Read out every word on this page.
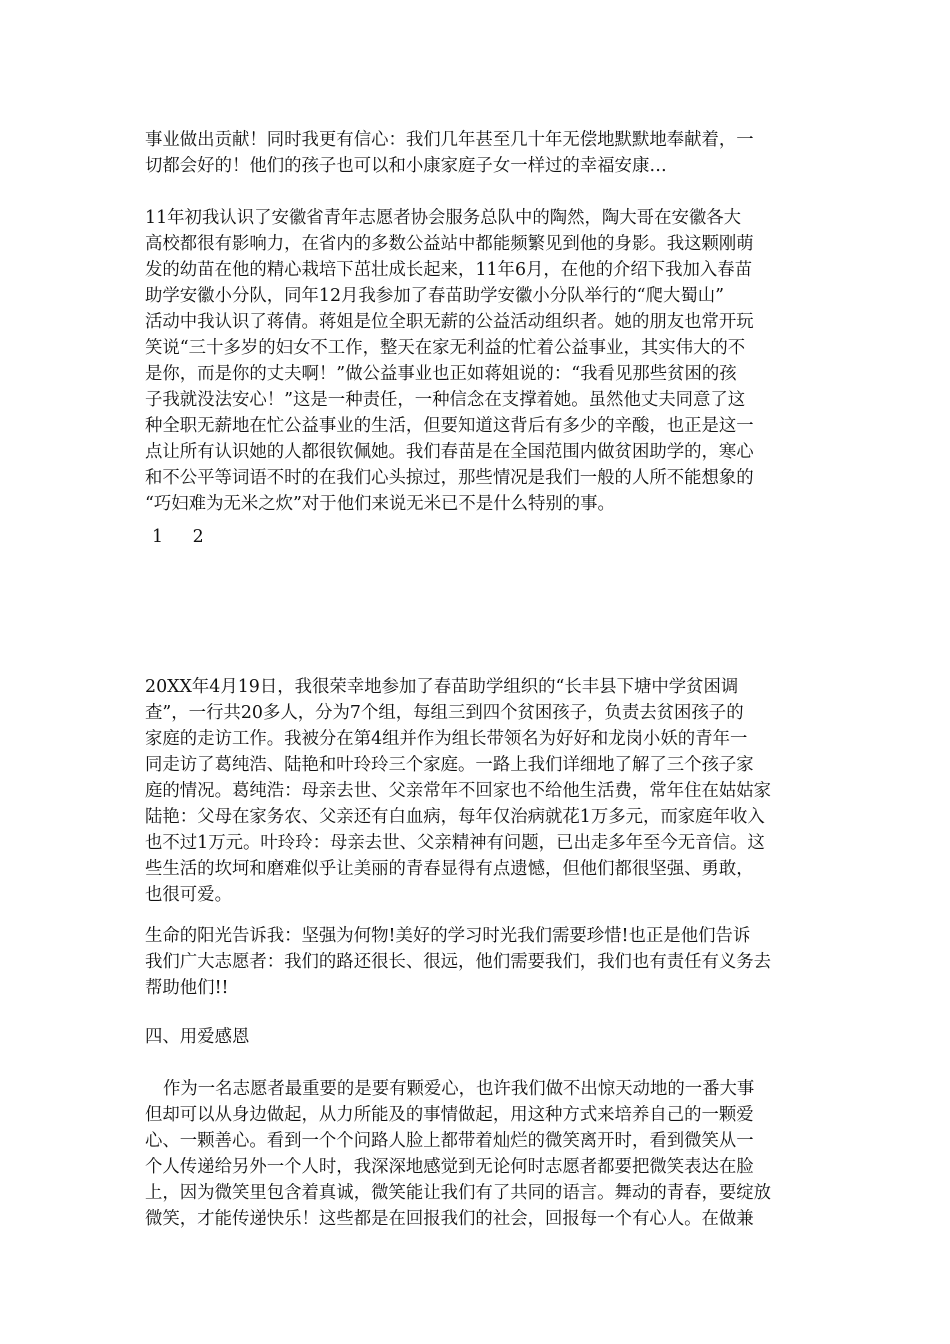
事业做出贡献！同时我更有信心：我们几年甚至几十年无偿地默默地奉献着，一
切都会好的！他们的孩子也可以和小康家庭子女一样过的幸福安康…
11年初我认识了安徽省青年志愿者协会服务总队中的陶然，陶大哥在安徽各大
高校都很有影响力，在省内的多数公益站中都能频繁见到他的身影。我这颗刚萌
发的幼苗在他的精心栽培下茁壮成长起来，11年6月，在他的介绍下我加入春苗
助学安徽小分队，同年12月我参加了春苗助学安徽小分队举行的“爬大蜀山”
活动中我认识了蒋倩。蒋姐是位全职无薪的公益活动组织者。她的朋友也常开玩
笑说“三十多岁的妇女不工作，整天在家无利益的忙着公益事业，其实伟大的不
是你，而是你的丈夫啊！”做公益事业也正如蒋姐说的：“我看见那些贫困的孩
子我就没法安心！”这是一种责任，一种信念在支撑着她。虽然他丈夫同意了这
种全职无薪地在忙公益事业的生活，但要知道这背后有多少的辛酸，也正是这一
点让所有认识她的人都很钦佩她。我们春苗是在全国范围内做贫困助学的，寒心
和不公平等词语不时的在我们心头掠过，那些情况是我们一般的人所不能想象的
“巧妇难为无米之炊”对于他们来说无米已不是什么特别的事。
1 2
20XX年4月19日，我很荣幸地参加了春苗助学组织的“长丰县下塘中学贫困调
查”，一行共20多人，分为7个组，每组三到四个贫困孩子，负责去贫困孩子的
家庭的走访工作。我被分在第4组并作为组长带领名为好好和龙岗小妖的青年一
同走访了葛纯浩、陆艳和叶玲玲三个家庭。一路上我们详细地了解了三个孩子家
庭的情况。葛纯浩：母亲去世、父亲常年不回家也不给他生活费，常年住在姑姑家
陆艳：父母在家务农、父亲还有白血病，每年仅治病就花1万多元，而家庭年收入
也不过1万元。叶玲玲：母亲去世、父亲精神有问题，已出走多年至今无音信。这
些生活的坎坷和磨难似乎让美丽的青春显得有点遗憾，但他们都很坚强、勇敢，
也很可爱。
生命的阳光告诉我：坚强为何物!美好的学习时光我们需要珍惜!也正是他们告诉
我们广大志愿者：我们的路还很长、很远，他们需要我们，我们也有责任有义务去
帮助他们!!
四、用爱感恩
作为一名志愿者最重要的是要有颗爱心，也许我们做不出惊天动地的一番大事
但却可以从身边做起，从力所能及的事情做起，用这种方式来培养自己的一颗爱
心、一颗善心。看到一个个问路人脸上都带着灿烂的微笑离开时，看到微笑从一
个人传递给另外一个人时，我深深地感觉到无论何时志愿者都要把微笑表达在脸
上，因为微笑里包含着真诚，微笑能让我们有了共同的语言。舞动的青春，要绽放
微笑，才能传递快乐！这些都是在回报我们的社会，回报每一个有心人。在做兼
